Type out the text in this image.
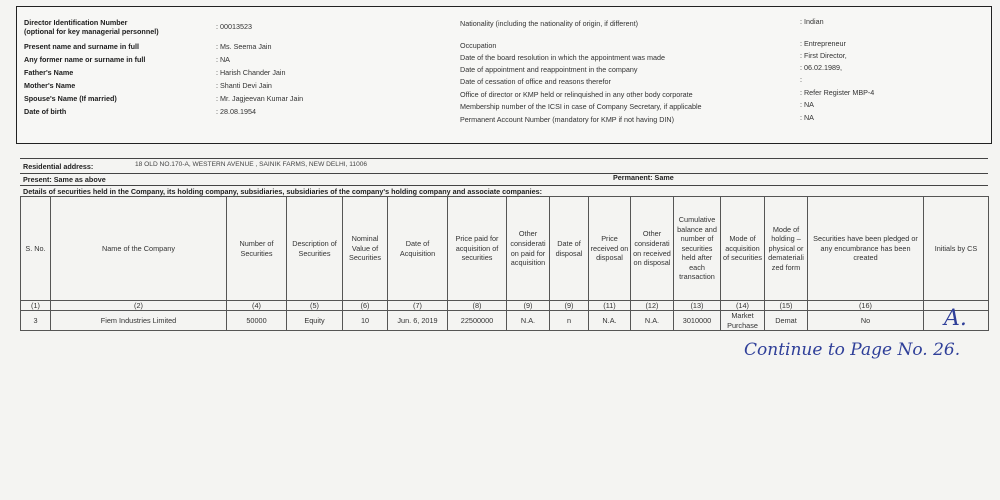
Director Identification Number
(optional for key managerial personnel)
: 00013523
Present name and surname in full	: Ms. Seema Jain
Any former name or surname in full	: NA
Father's Name	: Harish Chander Jain
Mother's Name	: Shanti Devi Jain
Spouse's Name (If married)	: Mr. Jagjeevan Kumar Jain
Date of birth	: 28.08.1954
Nationality (including the nationality of origin, if different)	: Indian
Occupation	: Entrepreneur
Date of the board resolution in which the appointment was made	: First Director,
Date of appointment and reappointment in the company	: 06.02.1989,
Date of cessation of office and reasons therefor	:
Office of director or KMP held or relinquished in any other body corporate	: Refer Register MBP-4
Membership number of the ICSI in case of Company Secretary, if applicable	: NA
Permanent Account Number (mandatory for KMP if not having DIN)	: NA
Residential address:	18 OLD NO.170-A, WESTERN AVENUE , SAINIK FARMS, NEW DELHI, 11006
Present: Same as above	Permanent: Same
Details of securities held in the Company, its holding company, subsidiaries, subsidiaries of the company's holding company and associate companies:
S. No.	Name of the Company	Number of Securities	Description of Securities	Nominal Value of Securities	Date of Acquisition	Price paid for acquisition of securities	Other considerati on paid for acquisition	Date of disposal	Price received on disposal	Other considerati on received on disposal	Cumulative balance and number of securities held after each transaction	Mode of acquisition of securities	Mode of holding – physical or demateriali zed form	Securities have been pledged or any encumbrance has been created	Initials by CS
(1)	(2)	(4)	(5)	(6)	(7)	(8)	(9)	(9)	(11)	(12)	(13)	(14)	(15)	(16)	
3	Fiem Industries Limited	50000	Equity	10	Jun. 6, 2019	22500000	N.A.	n	N.A.	N.A.	3010000	Market Purchase	Demat	No		A.
Continue to Page No. 26.
